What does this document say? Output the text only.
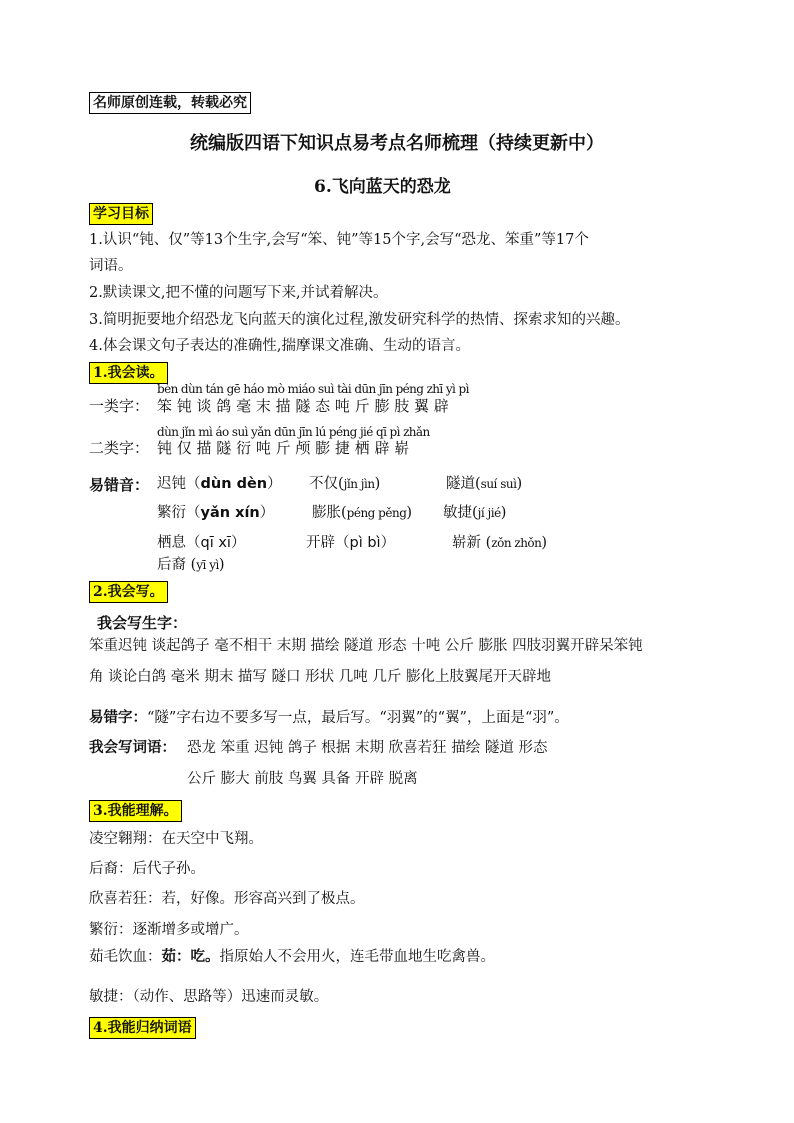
名师原创连载，转载必究
统编版四语下知识点易考点名师梳理（持续更新中）
6.飞向蓝天的恐龙
学习目标
1.认识“钝、仅”等13个生字,会写“笨、钝”等15个字,会写“恐龙、笨重”等17个
词语。
2.默读课文,把不懂的问题写下来,并试着解决。
3.简明扼要地介绍恐龙飞向蓝天的演化过程,激发研究科学的热情、探索求知的兴趣。
4.体会课文句子表达的准确性,揣摩课文准确、生动的语言。
1.我会读。
bèn dùn tán gē háo mò miáo suì tài dūn jīn péng zhī yì pì
一类字： 笨 钝 谈 鸽 毫 末 描 隧 态 吨 斤 膨 肢 翼 辟
dùn jǐn mì áo suì yǎn dūn jīn lú péng jié qī pì zhǎn
二类字： 钝 仅 描 隧 衍 吨 斤 颅 膨 捷 栖 辟 崭
易错音： 迟钝（dùn dèn） 不仅(jǐn jìn)	隧道(suí suì)
繁衍（yǎn xín）	膨胀(péng pěng) 敏捷(jí jié)
栖息（qī xī）	开辟（pì bì）	崭新 (zǒn zhǒn)
后裔 (yī yì)
2.我会写。
我会写生字：
笨重迟钝 谈起鸽子 毫不相干 末期 描绘 隧道 形态 十吨 公斤 膨胀 四肢羽翼开辟呆笨钝
角 谈论白鸽 毫米 期末 描写 隧口 形状 几吨 几斤 膨化上肢翼尾开天辟地
易错字：“隧”字右边不要多写一点，最后写。“羽翼”的“翼”，上面是“羽”。
我会写词语： 恐龙 笨重 迟钝 鸽子 根据 末期 欣喜若狂 描绘 隧道 形态
公斤 膨大 前肢 鸟翼 具备 开辟 脱离
3.我能理解。
凌空翱翔：在天空中飞翔。
后裔：后代子孙。
欣喜若狂：若，好像。形容高兴到了极点。
繁衍：逐渐增多或增广。
茹毛饮血：茹：吃。指原始人不会用火，连毛带血地生吃禽兽。
敏捷：（动作、思路等）迅速而灵敏。
4.我能归纳词语
